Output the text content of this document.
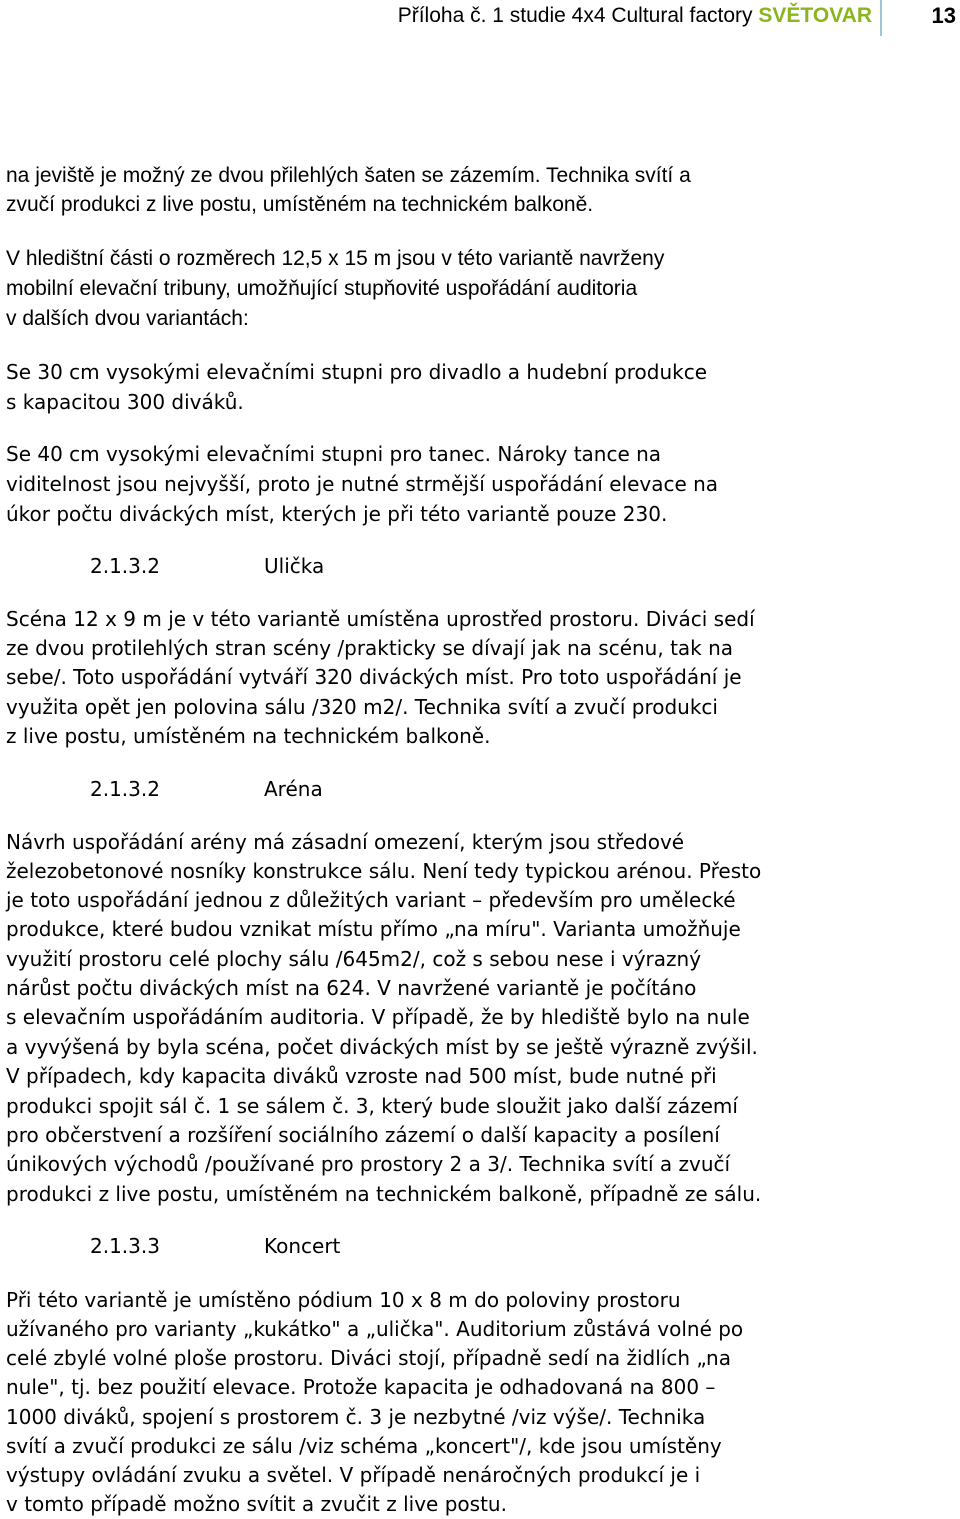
Příloha č. 1 studie 4x4 Cultural factory SVĚTOVAR	13
na jeviště je možný ze dvou přilehlých šaten se zázemím. Technika svítí a
zvučí produkci z live postu, umístěném na technickém balkoně.
V hledištní části o rozměrech 12,5 x 15 m jsou v této variantě navrženy
mobilní elevační tribuny, umožňující stupňovité uspořádání auditoria
v dalších dvou variantách:
Se 30 cm vysokými elevačními stupni pro divadlo a hudební produkce
s kapacitou 300 diváků.
Se 40 cm vysokými elevačními stupni pro tanec. Nároky tance na
viditelnost jsou nejvyšší, proto je nutné strmější uspořádání elevace na
úkor počtu diváckých míst, kterých je při této variantě pouze 230.
2.1.3.2	Ulička
Scéna 12 x 9 m je v této variantě umístěna uprostřed prostoru. Diváci sedí
ze dvou protilehlých stran scény /prakticky se dívají jak na scénu, tak na
sebe/. Toto uspořádání vytváří 320 diváckých míst. Pro toto uspořádání je
využita opět jen polovina sálu /320 m2/. Technika svítí a zvučí produkci
z live postu, umístěném na technickém balkoně.
2.1.3.2	Aréna
Návrh uspořádání arény má zásadní omezení, kterým jsou středové
železobetonové nosníky konstrukce sálu. Není tedy typickou arénou. Přesto
je toto uspořádání jednou z důležitých variant – především pro umělecké
produkce, které budou vznikat místu přímo „na míru". Varianta umožňuje
využití prostoru celé plochy sálu /645m2/, což s sebou nese i výrazný
nárůst počtu diváckých míst na 624. V navržené variantě je počítáno
s elevačním uspořádáním auditoria. V případě, že by hlediště bylo na nule
a vyvýšená by byla scéna, počet diváckých míst by se ještě výrazně zvýšil.
V případech, kdy kapacita diváků vzroste nad 500 míst, bude nutné při
produkci spojit sál č. 1 se sálem č. 3, který bude sloužit jako další zázemí
pro občerstvení a rozšíření sociálního zázemí o další kapacity a posílení
únikových východů /používané pro prostory 2 a 3/. Technika svítí a zvučí
produkci z live postu, umístěném na technickém balkoně, případně ze sálu.
2.1.3.3	Koncert
Při této variantě je umístěno pódium 10 x 8 m do poloviny prostoru
užívaného pro varianty „kukátko" a „ulička". Auditorium zůstává volné po
celé zbylé volné ploše prostoru. Diváci stojí, případně sedí na židlích „na
nule", tj. bez použití elevace. Protože kapacita je odhadovaná na 800 –
1000 diváků, spojení s prostorem č. 3 je nezbytné /viz výše/. Technika
svítí a zvučí produkci ze sálu /viz schéma „koncert"/, kde jsou umístěny
výstupy ovládání zvuku a světel. V případě nenáročných produkcí je i
v tomto případě možno svítit a zvučit z live postu.
